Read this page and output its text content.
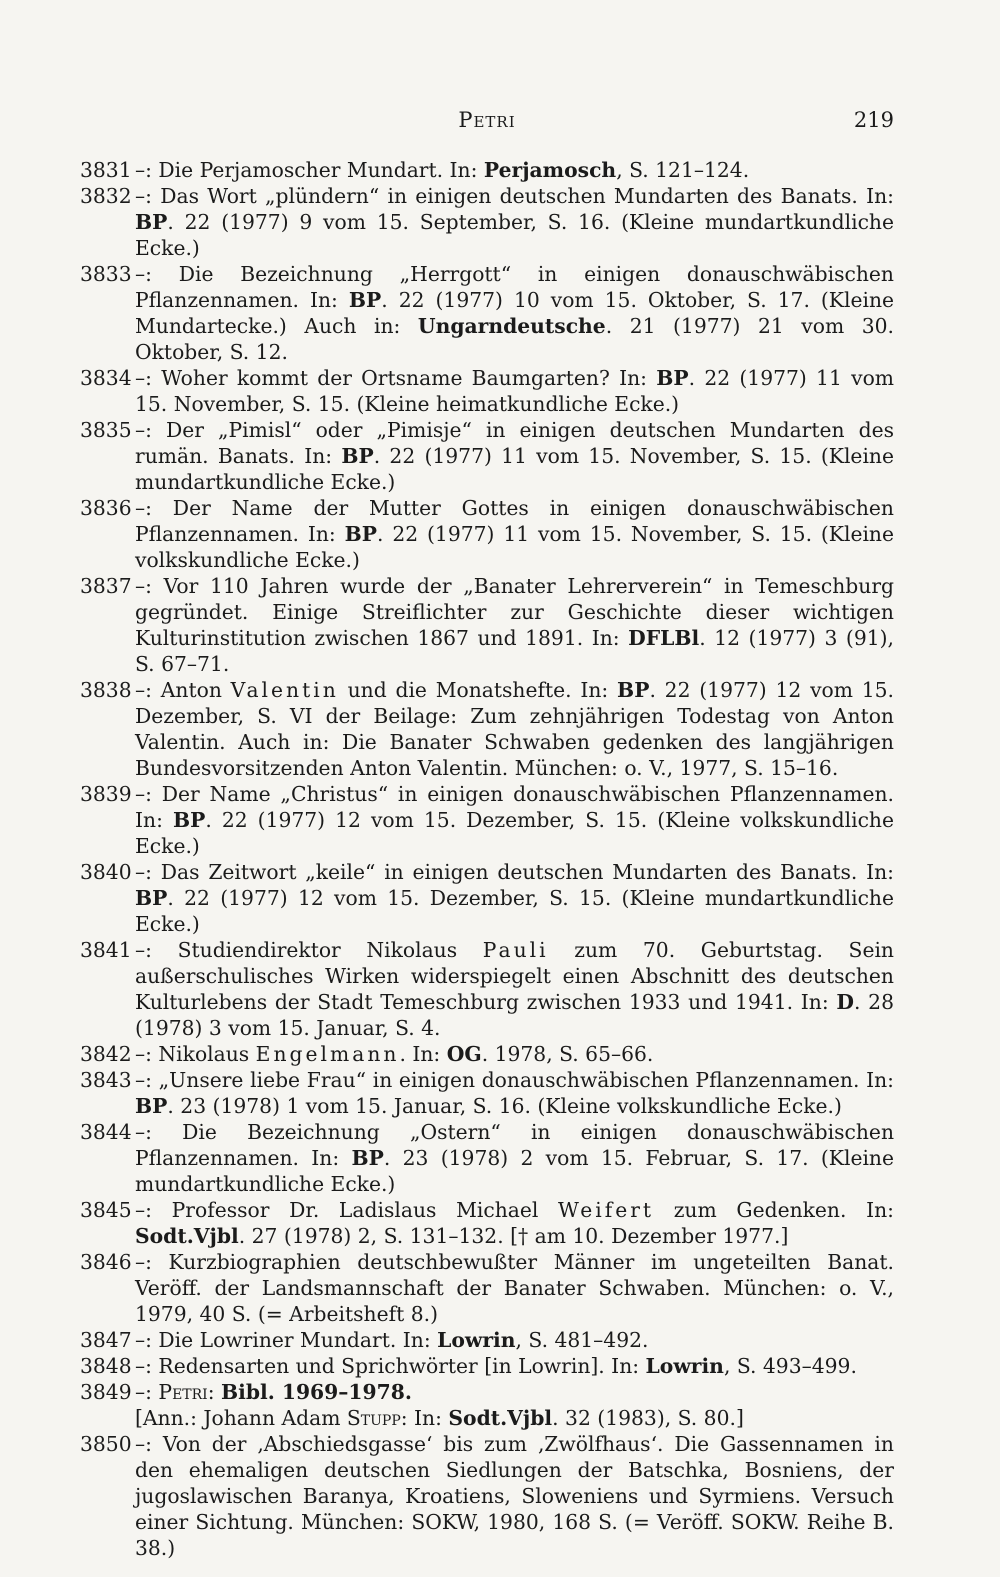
Petri	219
3831 –: Die Perjamoscher Mundart. In: Perjamosch, S. 121–124.
3832 –: Das Wort „plündern“ in einigen deutschen Mundarten des Banats. In: BP. 22 (1977) 9 vom 15. September, S. 16. (Kleine mundartkundliche Ecke.)
3833 –: Die Bezeichnung „Herrgott“ in einigen donauschwäbischen Pflanzennamen. In: BP. 22 (1977) 10 vom 15. Oktober, S. 17. (Kleine Mundartecke.) Auch in: Ungarndeutsche. 21 (1977) 21 vom 30. Oktober, S. 12.
3834 –: Woher kommt der Ortsname Baumgarten? In: BP. 22 (1977) 11 vom 15. November, S. 15. (Kleine heimatkundliche Ecke.)
3835 –: Der „Pimisl“ oder „Pimisje“ in einigen deutschen Mundarten des rumän. Banats. In: BP. 22 (1977) 11 vom 15. November, S. 15. (Kleine mundartkundliche Ecke.)
3836 –: Der Name der Mutter Gottes in einigen donauschwäbischen Pflanzennamen. In: BP. 22 (1977) 11 vom 15. November, S. 15. (Kleine volkskundliche Ecke.)
3837 –: Vor 110 Jahren wurde der „Banater Lehrerverein“ in Temeschburg gegründet. Einige Streiflichter zur Geschichte dieser wichtigen Kulturinstitution zwischen 1867 und 1891. In: DFLBl. 12 (1977) 3 (91), S. 67–71.
3838 –: Anton Valentin und die Monatshefte. In: BP. 22 (1977) 12 vom 15. Dezember, S. VI der Beilage: Zum zehnjährigen Todestag von Anton Valentin. Auch in: Die Banater Schwaben gedenken des langjährigen Bundesvorsitzenden Anton Valentin. München: o. V., 1977, S. 15–16.
3839 –: Der Name „Christus“ in einigen donauschwäbischen Pflanzennamen. In: BP. 22 (1977) 12 vom 15. Dezember, S. 15. (Kleine volkskundliche Ecke.)
3840 –: Das Zeitwort „keile“ in einigen deutschen Mundarten des Banats. In: BP. 22 (1977) 12 vom 15. Dezember, S. 15. (Kleine mundartkundliche Ecke.)
3841 –: Studiendirektor Nikolaus Pauli zum 70. Geburtstag. Sein außerschulisches Wirken widerspiegelt einen Abschnitt des deutschen Kulturlebens der Stadt Temeschburg zwischen 1933 und 1941. In: D. 28 (1978) 3 vom 15. Januar, S. 4.
3842 –: Nikolaus Engelmann. In: OG. 1978, S. 65–66.
3843 –: „Unsere liebe Frau“ in einigen donauschwäbischen Pflanzennamen. In: BP. 23 (1978) 1 vom 15. Januar, S. 16. (Kleine volkskundliche Ecke.)
3844 –: Die Bezeichnung „Ostern“ in einigen donauschwäbischen Pflanzennamen. In: BP. 23 (1978) 2 vom 15. Februar, S. 17. (Kleine mundartkundliche Ecke.)
3845 –: Professor Dr. Ladislaus Michael Weifert zum Gedenken. In: Sodt.Vjbl. 27 (1978) 2, S. 131–132. [† am 10. Dezember 1977.]
3846 –: Kurzbiographien deutschbewußter Männer im ungeteilten Banat. Veröff. der Landsmannschaft der Banater Schwaben. München: o. V., 1979, 40 S. (= Arbeitsheft 8.)
3847 –: Die Lowriner Mundart. In: Lowrin, S. 481–492.
3848 –: Redensarten und Sprichwörter [in Lowrin]. In: Lowrin, S. 493–499.
3849 –: Petri: Bibl. 1969–1978.
[Ann.: Johann Adam Stupp: In: Sodt.Vjbl. 32 (1983), S. 80.]
3850 –: Von der ‚Abschiedsgasse‘ bis zum ‚Zwölfhaus‘. Die Gassennamen in den ehemaligen deutschen Siedlungen der Batschka, Bosniens, der jugoslawischen Baranya, Kroatiens, Sloweniens und Syrmiens. Versuch einer Sichtung. München: SOKW, 1980, 168 S. (= Veröff. SOKW. Reihe B. 38.)
